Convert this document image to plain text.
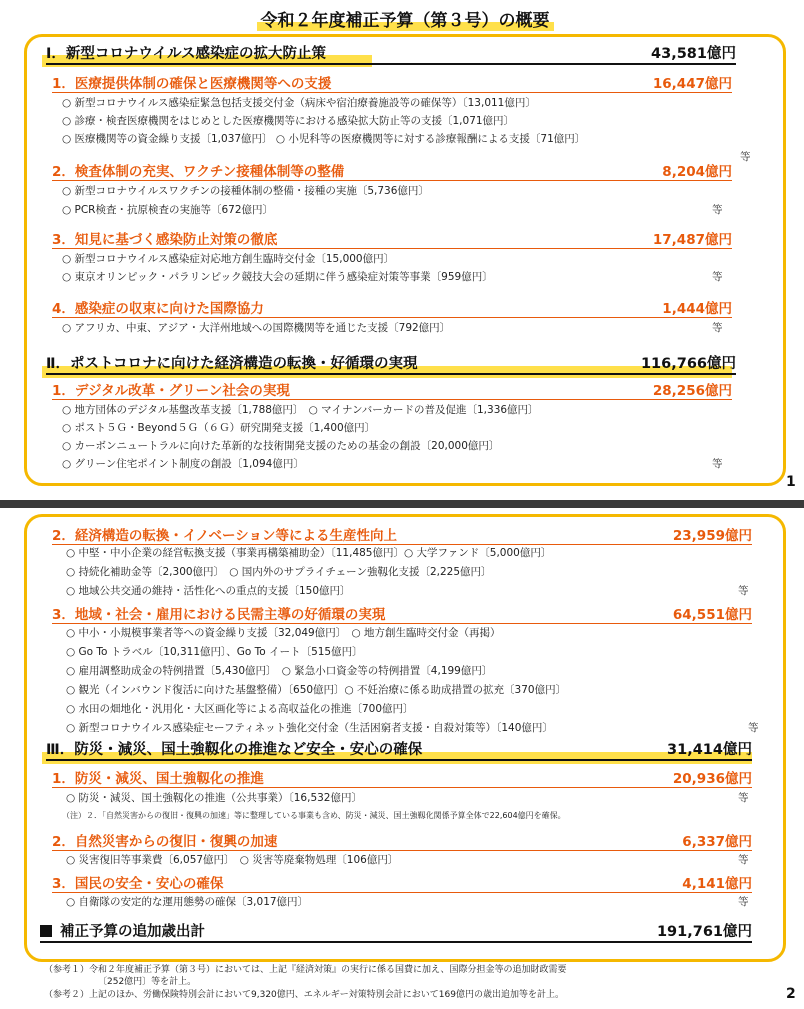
令和２年度補正予算（第３号）の概要
Ⅰ．新型コロナウイルス感染症の拡大防止策	43,581億円
1．医療提供体制の確保と医療機関等への支援	16,447億円
○ 新型コロナウイルス感染症緊急包括支援交付金（病床や宿泊療養施設等の確保等）〔13,011億円〕
○ 診療・検査医療機関をはじめとした医療機関等における感染拡大防止等の支援〔1,071億円〕
○ 医療機関等の資金繰り支援〔1,037億円〕 ○ 小児科等の医療機関等に対する診療報酬による支援〔71億円〕
等
2．検査体制の充実、ワクチン接種体制等の整備	8,204億円
○ 新型コロナウイルスワクチンの接種体制の整備・接種の実施〔5,736億円〕
○ PCR検査・抗原検査の実施等〔672億円〕	等
3．知見に基づく感染防止対策の徹底	17,487億円
○ 新型コロナウイルス感染症対応地方創生臨時交付金〔15,000億円〕
○ 東京オリンピック・パラリンピック競技大会の延期に伴う感染症対策等事業〔959億円〕	等
4．感染症の収束に向けた国際協力	1,444億円
○ アフリカ、中東、アジア・大洋州地域への国際機関等を通じた支援〔792億円〕	等
Ⅱ．ポストコロナに向けた経済構造の転換・好循環の実現	116,766億円
1．デジタル改革・グリーン社会の実現	28,256億円
○ 地方団体のデジタル基盤改革支援〔1,788億円〕　○ マイナンバーカードの普及促進〔1,336億円〕
○ ポスト５Ｇ・Beyond５Ｇ（６Ｇ）研究開発支援〔1,400億円〕
○ カーボンニュートラルに向けた革新的な技術開発支援のための基金の創設〔20,000億円〕
○ グリーン住宅ポイント制度の創設〔1,094億円〕	等
1
2．経済構造の転換・イノベーション等による生産性向上	23,959億円
○ 中堅・中小企業の経営転換支援（事業再構築補助金）〔11,485億円〕○ 大学ファンド〔5,000億円〕
○ 持続化補助金等〔2,300億円〕　○ 国内外のサプライチェーン強靱化支援〔2,225億円〕
○ 地域公共交通の維持・活性化への重点的支援〔150億円〕	等
3．地域・社会・雇用における民需主導の好循環の実現	64,551億円
○ 中小・小規模事業者等への資金繰り支援〔32,049億円〕　○ 地方創生臨時交付金（再掲）
○ Go To トラベル〔10,311億円〕、Go To イート〔515億円〕
○ 雇用調整助成金の特例措置〔5,430億円〕　○ 緊急小口資金等の特例措置〔4,199億円〕
○ 観光（インバウンド復活に向けた基盤整備）〔650億円〕○ 不妊治療に係る助成措置の拡充〔370億円〕
○ 水田の畑地化・汎用化・大区画化等による高収益化の推進〔700億円〕
○ 新型コロナウイルス感染症セーフティネット強化交付金（生活困窮者支援・自殺対策等）〔140億円〕	等
Ⅲ．防災・減災、国土強靱化の推進など安全・安心の確保	31,414億円
1．防災・減災、国土強靱化の推進	20,936億円
○ 防災・減災、国土強靱化の推進（公共事業）〔16,532億円〕	等
（注）２．「自然災害からの復旧・復興の加速」等に整理している事業も含め、防災・減災、国土強靱化関係予算全体で22,604億円を確保。
2．自然災害からの復旧・復興の加速	6,337億円
○ 災害復旧等事業費〔6,057億円〕　○ 災害等廃棄物処理〔106億円〕	等
3．国民の安全・安心の確保	4,141億円
○ 自衛隊の安定的な運用態勢の確保〔3,017億円〕	等
補正予算の追加歳出計	191,761億円
（参考１）令和２年度補正予算（第３号）においては、上記『経済対策』の実行に係る国費に加え、国際分担金等の追加財政需要
〔252億円〕等を計上。
（参考２）上記のほか、労働保険特別会計において9,320億円、エネルギー対策特別会計において169億円の歳出追加等を計上。	2
